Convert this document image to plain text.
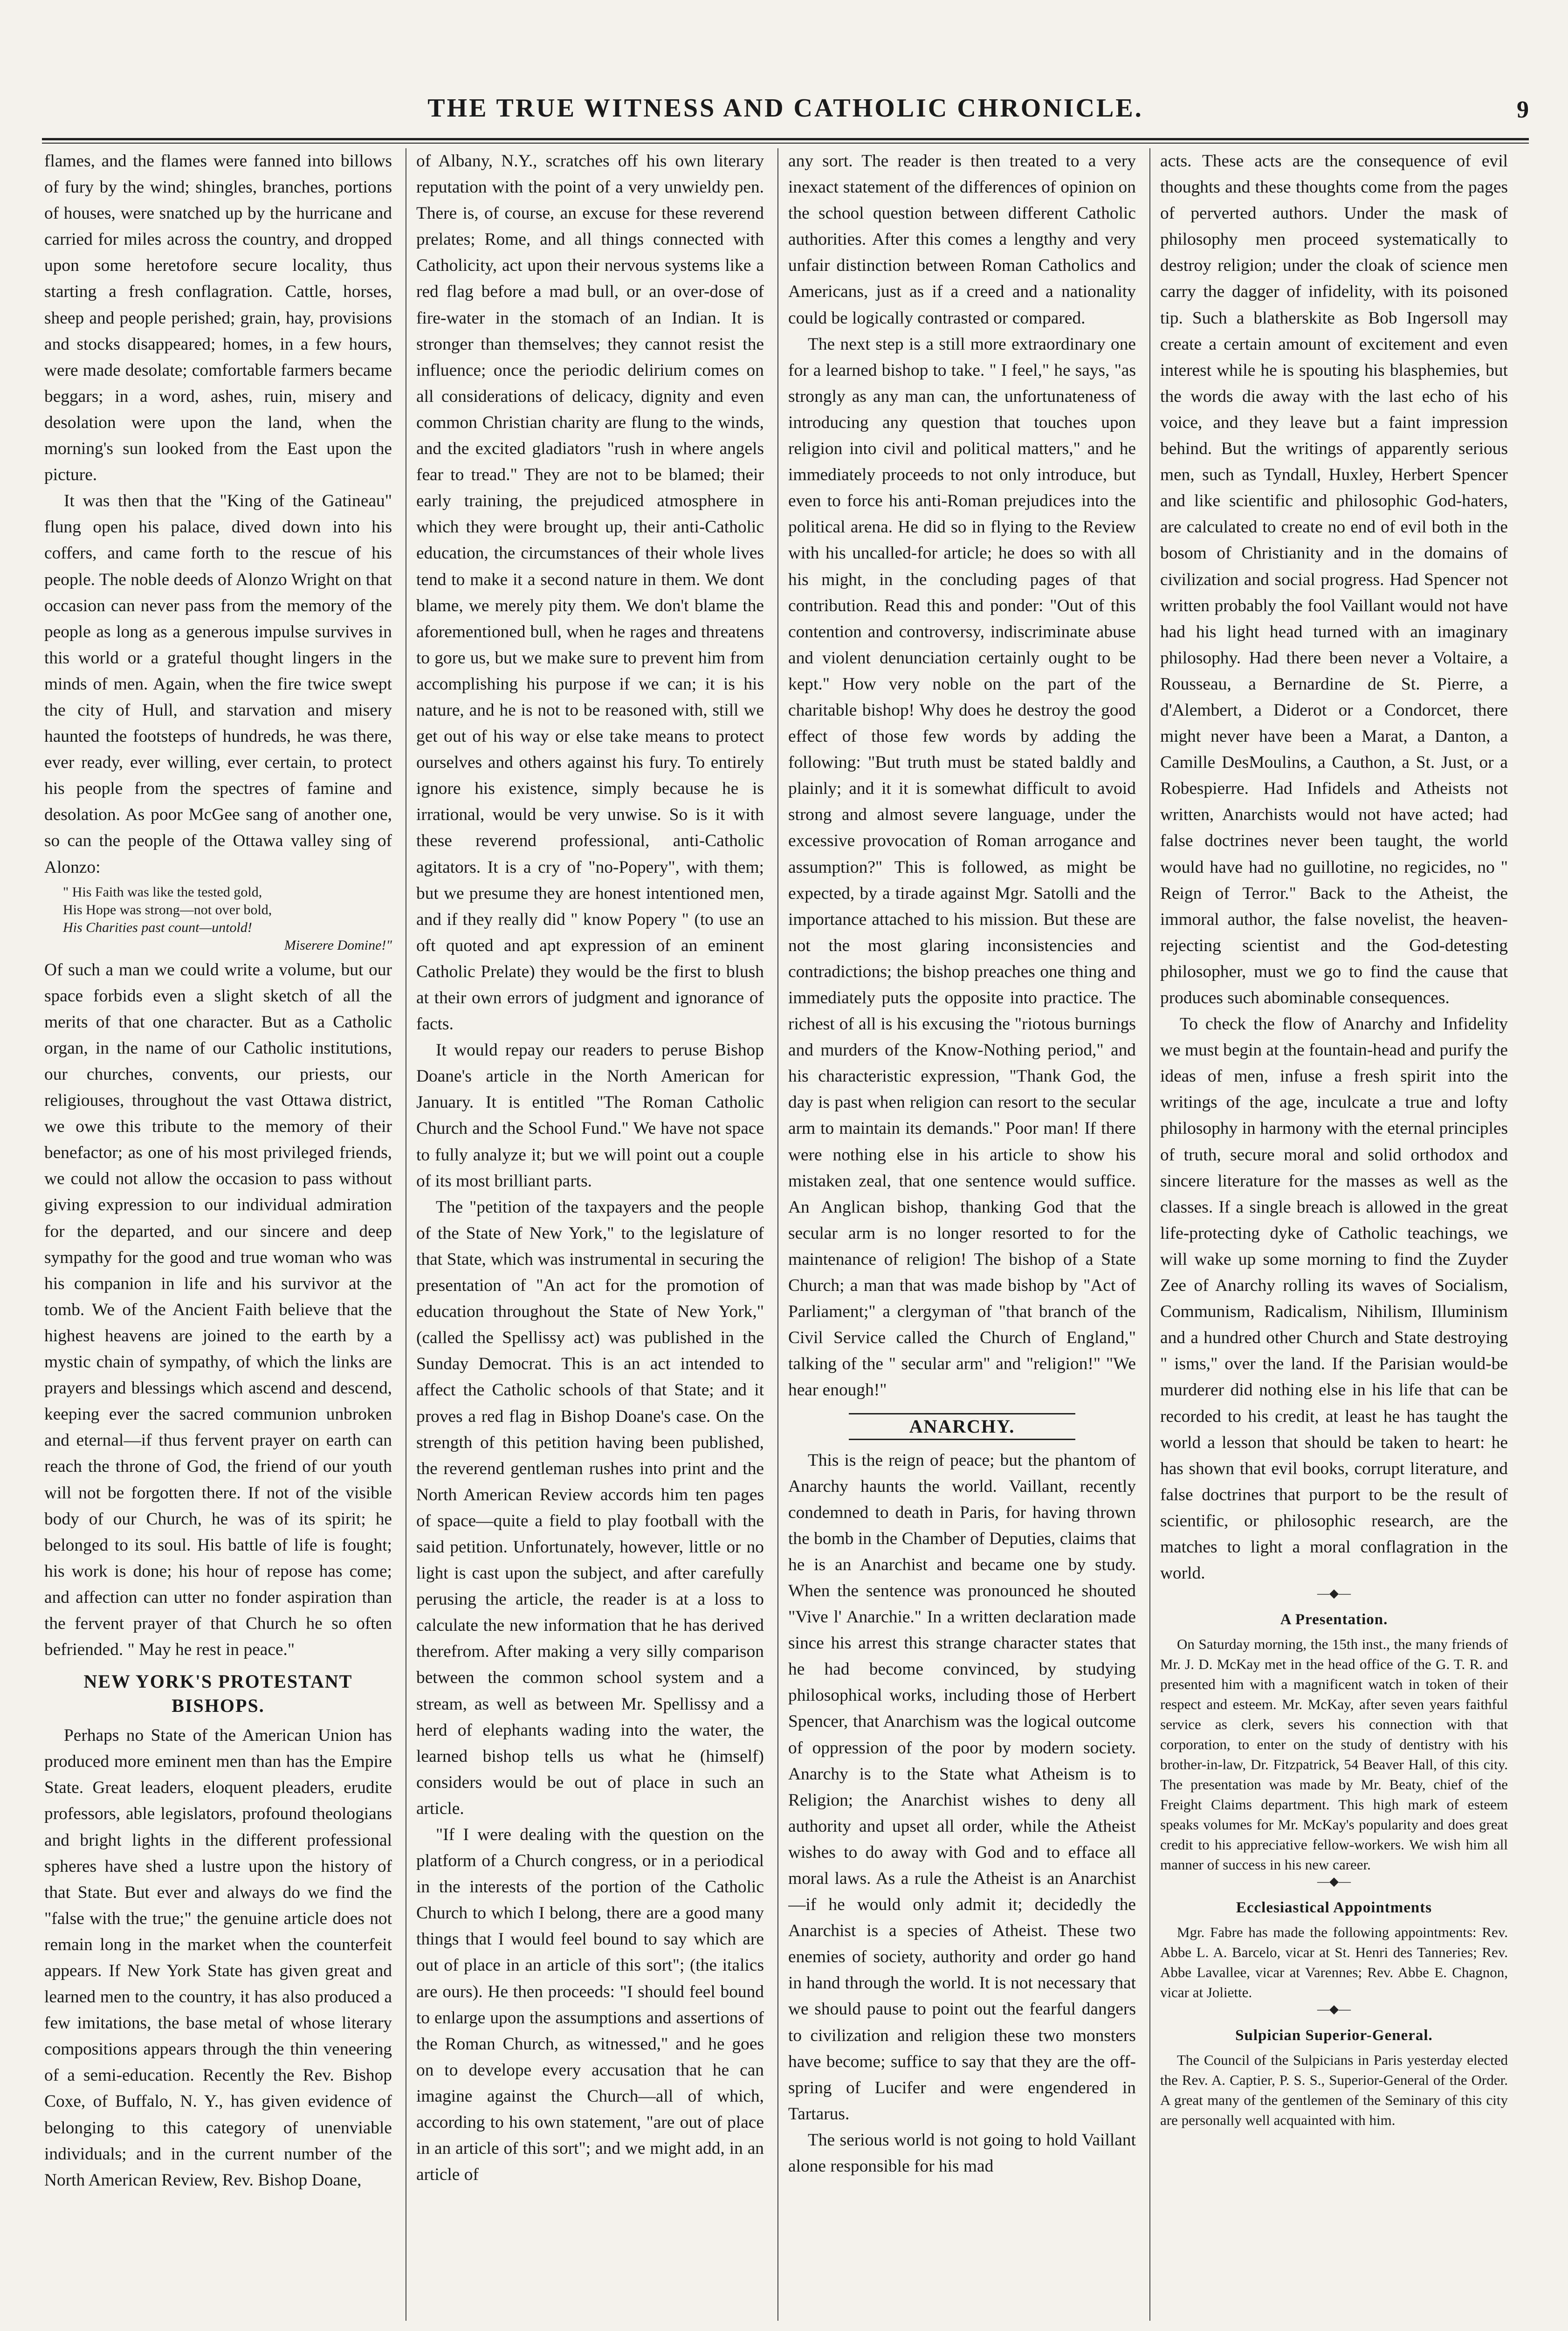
THE TRUE WITNESS AND CATHOLIC CHRONICLE.	9

flames, and the flames were fanned into billows of fury by the wind; shingles, branches, portions of houses, were snatched up by the hurricane and carried for miles across the country, and dropped upon some heretofore secure locality, thus starting a fresh conflagration. Cattle, horses, sheep and people perished; grain, hay, provisions and stocks disappeared; homes, in a few hours, were made desolate; comfortable farmers became beggars; in a word, ashes, ruin, misery and desolation were upon the land, when the morning's sun looked from the East upon the picture.

It was then that the "King of the Gatineau" flung open his palace, dived down into his coffers, and came forth to the rescue of his people. The noble deeds of Alonzo Wright on that occasion can never pass from the memory of the people as long as a generous impulse survives in this world or a grateful thought lingers in the minds of men. Again, when the fire twice swept the city of Hull, and starvation and misery haunted the footsteps of hundreds, he was there, ever ready, ever willing, ever certain, to protect his people from the spectres of famine and desolation. As poor McGee sang of another one, so can the people of the Ottawa valley sing of Alonzo:

" His Faith was like the tested gold,
His Hope was strong—not over bold,
His Charities past count—untold!
Miserere Domine!"

Of such a man we could write a volume, but our space forbids even a slight sketch of all the merits of that one character. But as a Catholic organ, in the name of our Catholic institutions, our churches, convents, our priests, our religiouses, throughout the vast Ottawa district, we owe this tribute to the memory of their benefactor; as one of his most privileged friends, we could not allow the occasion to pass without giving expression to our individual admiration for the departed, and our sincere and deep sympathy for the good and true woman who was his companion in life and his survivor at the tomb. We of the Ancient Faith believe that the highest heavens are joined to the earth by a mystic chain of sympathy, of which the links are prayers and blessings which ascend and descend, keeping ever the sacred communion unbroken and eternal—if thus fervent prayer on earth can reach the throne of God, the friend of our youth will not be forgotten there. If not of the visible body of our Church, he was of its spirit; he belonged to its soul. His battle of life is fought; his work is done; his hour of repose has come; and affection can utter no fonder aspiration than the fervent prayer of that Church he so often befriended. " May he rest in peace."

NEW YORK'S PROTESTANT BISHOPS.

Perhaps no State of the American Union has produced more eminent men than has the Empire State. Great leaders, eloquent pleaders, erudite professors, able legislators, profound theologians and bright lights in the different professional spheres have shed a lustre upon the history of that State. But ever and always do we find the "false with the true;" the genuine article does not remain long in the market when the counterfeit appears. If New York State has given great and learned men to the country, it has also produced a few imitations, the base metal of whose literary compositions appears through the thin veneering of a semi-education. Recently the Rev. Bishop Coxe, of Buffalo, N. Y., has given evidence of belonging to this category of unenviable individuals; and in the current number of the North American Review, Rev. Bishop Doane,

of Albany, N.Y., scratches off his own literary reputation with the point of a very unwieldy pen. There is, of course, an excuse for these reverend prelates; Rome, and all things connected with Catholicity, act upon their nervous systems like a red flag before a mad bull, or an over-dose of fire-water in the stomach of an Indian. It is stronger than themselves; they cannot resist the influence; once the periodic delirium comes on all considerations of delicacy, dignity and even common Christian charity are flung to the winds, and the excited gladiators "rush in where angels fear to tread." They are not to be blamed; their early training, the prejudiced atmosphere in which they were brought up, their anti-Catholic education, the circumstances of their whole lives tend to make it a second nature in them. We dont blame, we merely pity them. We don't blame the aforementioned bull, when he rages and threatens to gore us, but we make sure to prevent him from accomplishing his purpose if we can; it is his nature, and he is not to be reasoned with, still we get out of his way or else take means to protect ourselves and others against his fury. To entirely ignore his existence, simply because he is irrational, would be very unwise. So is it with these reverend professional, anti-Catholic agitators. It is a cry of "no-Popery", with them; but we presume they are honest intentioned men, and if they really did " know Popery " (to use an oft quoted and apt expression of an eminent Catholic Prelate) they would be the first to blush at their own errors of judgment and ignorance of facts.

It would repay our readers to peruse Bishop Doane's article in the North American for January. It is entitled "The Roman Catholic Church and the School Fund." We have not space to fully analyze it; but we will point out a couple of its most brilliant parts.

The "petition of the taxpayers and the people of the State of New York," to the legislature of that State, which was instrumental in securing the presentation of "An act for the promotion of education throughout the State of New York," (called the Spellissy act) was published in the Sunday Democrat. This is an act intended to affect the Catholic schools of that State; and it proves a red flag in Bishop Doane's case. On the strength of this petition having been published, the reverend gentleman rushes into print and the North American Review accords him ten pages of space—quite a field to play football with the said petition. Unfortunately, however, little or no light is cast upon the subject, and after carefully perusing the article, the reader is at a loss to calculate the new information that he has derived therefrom. After making a very silly comparison between the common school system and a stream, as well as between Mr. Spellissy and a herd of elephants wading into the water, the learned bishop tells us what he (himself) considers would be out of place in such an article.

"If I were dealing with the question on the platform of a Church congress, or in a periodical in the interests of the portion of the Catholic Church to which I belong, there are a good many things that I would feel bound to say which are out of place in an article of this sort"; (the italics are ours). He then proceeds: "I should feel bound to enlarge upon the assumptions and assertions of the Roman Church, as witnessed," and he goes on to develope every accusation that he can imagine against the Church—all of which, according to his own statement, "are out of place in an article of this sort"; and we might add, in an article of

any sort. The reader is then treated to a very inexact statement of the differences of opinion on the school question between different Catholic authorities. After this comes a lengthy and very unfair distinction between Roman Catholics and Americans, just as if a creed and a nationality could be logically contrasted or compared.

The next step is a still more extraordinary one for a learned bishop to take. " I feel," he says, "as strongly as any man can, the unfortunateness of introducing any question that touches upon religion into civil and political matters," and he immediately proceeds to not only introduce, but even to force his anti-Roman prejudices into the political arena. He did so in flying to the Review with his uncalled-for article; he does so with all his might, in the concluding pages of that contribution. Read this and ponder: "Out of this contention and controversy, indiscriminate abuse and violent denunciation certainly ought to be kept." How very noble on the part of the charitable bishop! Why does he destroy the good effect of those few words by adding the following: "But truth must be stated baldly and plainly; and it it is somewhat difficult to avoid strong and almost severe language, under the excessive provocation of Roman arrogance and assumption?" This is followed, as might be expected, by a tirade against Mgr. Satolli and the importance attached to his mission. But these are not the most glaring inconsistencies and contradictions; the bishop preaches one thing and immediately puts the opposite into practice. The richest of all is his excusing the "riotous burnings and murders of the Know-Nothing period," and his characteristic expression, "Thank God, the day is past when religion can resort to the secular arm to maintain its demands." Poor man! If there were nothing else in his article to show his mistaken zeal, that one sentence would suffice. An Anglican bishop, thanking God that the secular arm is no longer resorted to for the maintenance of religion! The bishop of a State Church; a man that was made bishop by "Act of Parliament;" a clergyman of "that branch of the Civil Service called the Church of England," talking of the " secular arm" and "religion!" "We hear enough!"

ANARCHY.

This is the reign of peace; but the phantom of Anarchy haunts the world. Vaillant, recently condemned to death in Paris, for having thrown the bomb in the Chamber of Deputies, claims that he is an Anarchist and became one by study. When the sentence was pronounced he shouted "Vive l' Anarchie." In a written declaration made since his arrest this strange character states that he had become convinced, by studying philosophical works, including those of Herbert Spencer, that Anarchism was the logical outcome of oppression of the poor by modern society. Anarchy is to the State what Atheism is to Religion; the Anarchist wishes to deny all authority and upset all order, while the Atheist wishes to do away with God and to efface all moral laws. As a rule the Atheist is an Anarchist—if he would only admit it; decidedly the Anarchist is a species of Atheist. These two enemies of society, authority and order go hand in hand through the world. It is not necessary that we should pause to point out the fearful dangers to civilization and religion these two monsters have become; suffice to say that they are the off-spring of Lucifer and were engendered in Tartarus.

The serious world is not going to hold Vaillant alone responsible for his mad

acts. These acts are the consequence of evil thoughts and these thoughts come from the pages of perverted authors. Under the mask of philosophy men proceed systematically to destroy religion; under the cloak of science men carry the dagger of infidelity, with its poisoned tip. Such a blatherskite as Bob Ingersoll may create a certain amount of excitement and even interest while he is spouting his blasphemies, but the words die away with the last echo of his voice, and they leave but a faint impression behind. But the writings of apparently serious men, such as Tyndall, Huxley, Herbert Spencer and like scientific and philosophic God-haters, are calculated to create no end of evil both in the bosom of Christianity and in the domains of civilization and social progress. Had Spencer not written probably the fool Vaillant would not have had his light head turned with an imaginary philosophy. Had there been never a Voltaire, a Rousseau, a Bernardine de St. Pierre, a d'Alembert, a Diderot or a Condorcet, there might never have been a Marat, a Danton, a Camille DesMoulins, a Cauthon, a St. Just, or a Robespierre. Had Infidels and Atheists not written, Anarchists would not have acted; had false doctrines never been taught, the world would have had no guillotine, no regicides, no " Reign of Terror." Back to the Atheist, the immoral author, the false novelist, the heaven-rejecting scientist and the God-detesting philosopher, must we go to find the cause that produces such abominable consequences.

To check the flow of Anarchy and Infidelity we must begin at the fountain-head and purify the ideas of men, infuse a fresh spirit into the writings of the age, inculcate a true and lofty philosophy in harmony with the eternal principles of truth, secure moral and solid orthodox and sincere literature for the masses as well as the classes. If a single breach is allowed in the great life-protecting dyke of Catholic teachings, we will wake up some morning to find the Zuyder Zee of Anarchy rolling its waves of Socialism, Communism, Radicalism, Nihilism, Illuminism and a hundred other Church and State destroying " isms," over the land. If the Parisian would-be murderer did nothing else in his life that can be recorded to his credit, at least he has taught the world a lesson that should be taken to heart: he has shown that evil books, corrupt literature, and false doctrines that purport to be the result of scientific, or philosophic research, are the matches to light a moral conflagration in the world.

—◆—
A Presentation.

On Saturday morning, the 15th inst., the many friends of Mr. J. D. McKay met in the head office of the G. T. R. and presented him with a magnificent watch in token of their respect and esteem. Mr. McKay, after seven years faithful service as clerk, severs his connection with that corporation, to enter on the study of dentistry with his brother-in-law, Dr. Fitzpatrick, 54 Beaver Hall, of this city. The presentation was made by Mr. Beaty, chief of the Freight Claims department. This high mark of esteem speaks volumes for Mr. McKay's popularity and does great credit to his appreciative fellow-workers. We wish him all manner of success in his new career.

—◆—
Ecclesiastical Appointments

Mgr. Fabre has made the following appointments: Rev. Abbe L. A. Barcelo, vicar at St. Henri des Tanneries; Rev. Abbe Lavallee, vicar at Varennes; Rev. Abbe E. Chagnon, vicar at Joliette.

—◆—
Sulpician Superior-General.

The Council of the Sulpicians in Paris yesterday elected the Rev. A. Captier, P. S. S., Superior-General of the Order. A great many of the gentlemen of the Seminary of this city are personally well acquainted with him.
